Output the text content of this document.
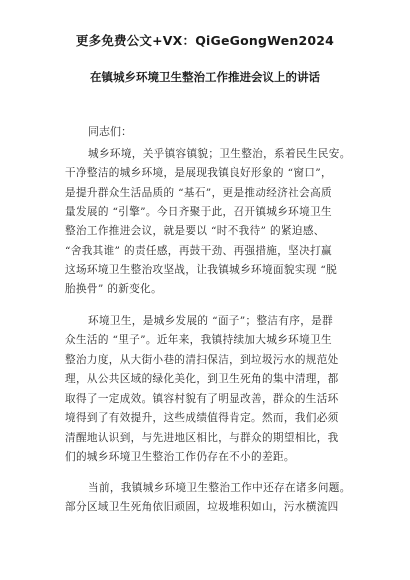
更多免费公文+VX：QiGeGongWen2024
在镇城乡环境卫生整治工作推进会议上的讲话
同志们：
城乡环境，关乎镇容镇貌；卫生整治，系着民生民安。
干净整洁的城乡环境，是展现我镇良好形象的 “窗口”，
是提升群众生活品质的 “基石”，更是推动经济社会高质
量发展的 “引擎”。今日齐聚于此，召开镇城乡环境卫生
整治工作推进会议，就是要以 “时不我待” 的紧迫感、
“舍我其谁” 的责任感，再鼓干劲、再强措施，坚决打赢
这场环境卫生整治攻坚战，让我镇城乡环境面貌实现 “脱
胎换骨” 的新变化。
环境卫生，是城乡发展的 “面子”；整洁有序，是群
众生活的 “里子”。近年来，我镇持续加大城乡环境卫生
整治力度，从大街小巷的清扫保洁，到垃圾污水的规范处
理，从公共区域的绿化美化，到卫生死角的集中清理，都
取得了一定成效。镇容村貌有了明显改善，群众的生活环
境得到了有效提升，这些成绩值得肯定。然而，我们必须
清醒地认识到，与先进地区相比，与群众的期望相比，我
们的城乡环境卫生整治工作仍存在不小的差距。
当前，我镇城乡环境卫生整治工作中还存在诸多问题。
部分区域卫生死角依旧顽固，垃圾堆积如山，污水横流四
